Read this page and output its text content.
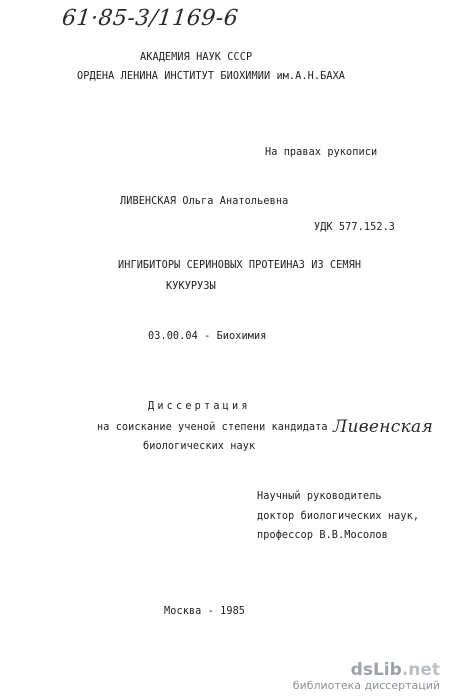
61·85-3/1169-6
АКАДЕМИЯ НАУК СССР
ОРДЕНА ЛЕНИНА ИНСТИТУТ БИОХИМИИ им.А.Н.БАХА
На правах рукописи
ЛИВЕНСКАЯ Ольга Анатольевна
УДК 577.152.3
ИНГИБИТОРЫ СЕРИНОВЫХ ПРОТЕИНАЗ ИЗ СЕМЯН
КУКУРУЗЫ
03.00.04 - Биохимия
Диссертация
на соискание ученой степени кандидата
биологических наук
Ливенская
Научный руководитель
доктор биологических наук,
профессор В.В.Мосолов
Москва - 1985
dsLib.net
библиотека диссертаций
